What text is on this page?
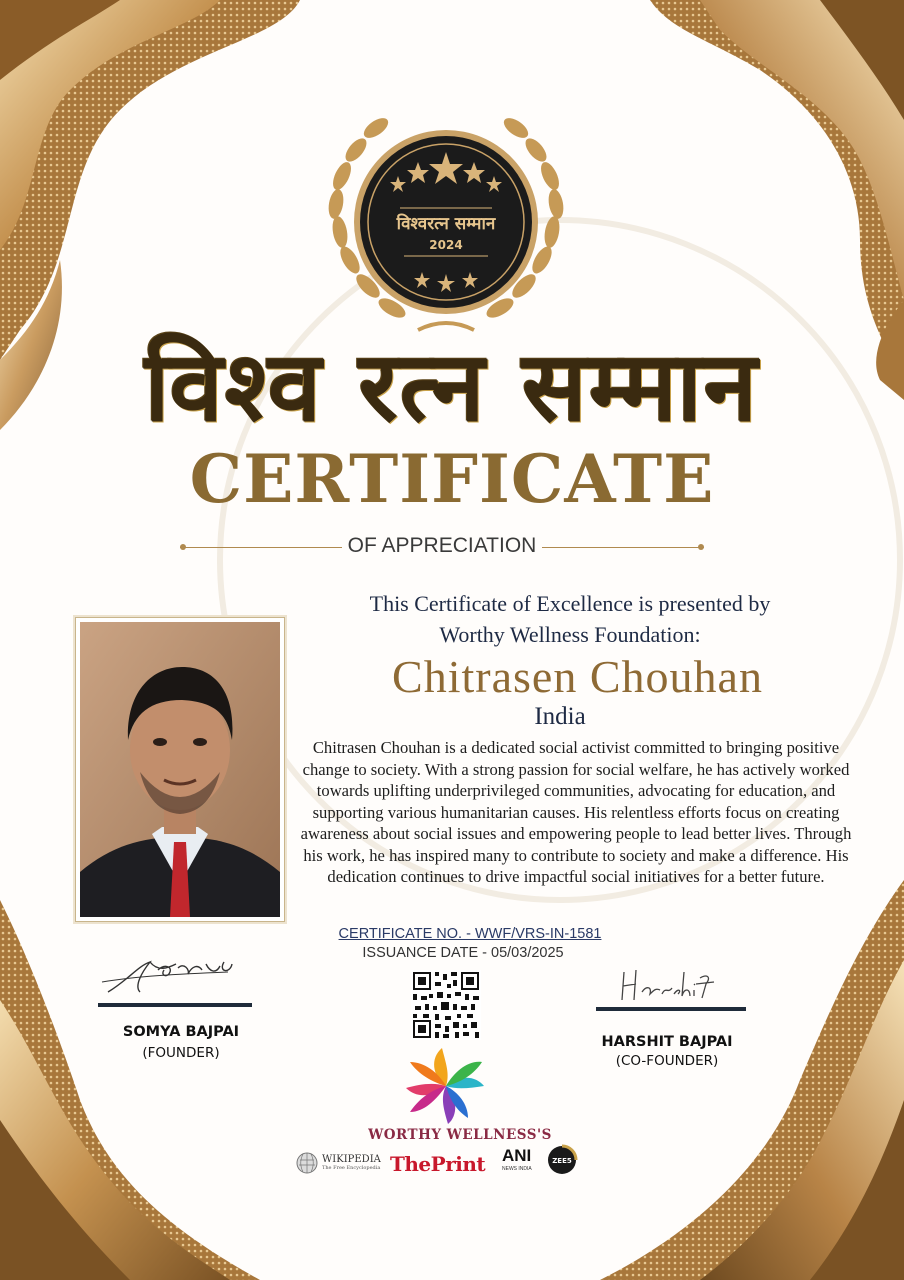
विश्वरत्न सम्मान
2024
विश्व रत्न सम्मान
CERTIFICATE
OF APPRECIATION
This Certificate of Excellence is presented by
Worthy Wellness Foundation:
Chitrasen Chouhan
India
Chitrasen Chouhan is a dedicated social activist committed to bringing positive change to society. With a strong passion for social welfare, he has actively worked towards uplifting underprivileged communities, advocating for education, and supporting various humanitarian causes. His relentless efforts focus on creating awareness about social issues and empowering people to lead better lives. Through his work, he has inspired many to contribute to society and make a difference. His dedication continues to drive impactful social initiatives for a better future.
CERTIFICATE NO. - WWF/VRS-IN-1581
ISSUANCE DATE - 05/03/2025
SOMYA BAJPAI
(FOUNDER)
HARSHIT BAJPAI
(CO-FOUNDER)
WORTHY WELLNESS'S
WIKIPEDIA
The Free Encyclopedia ThePrint ANI
NEWS INDIA
ZEE5
